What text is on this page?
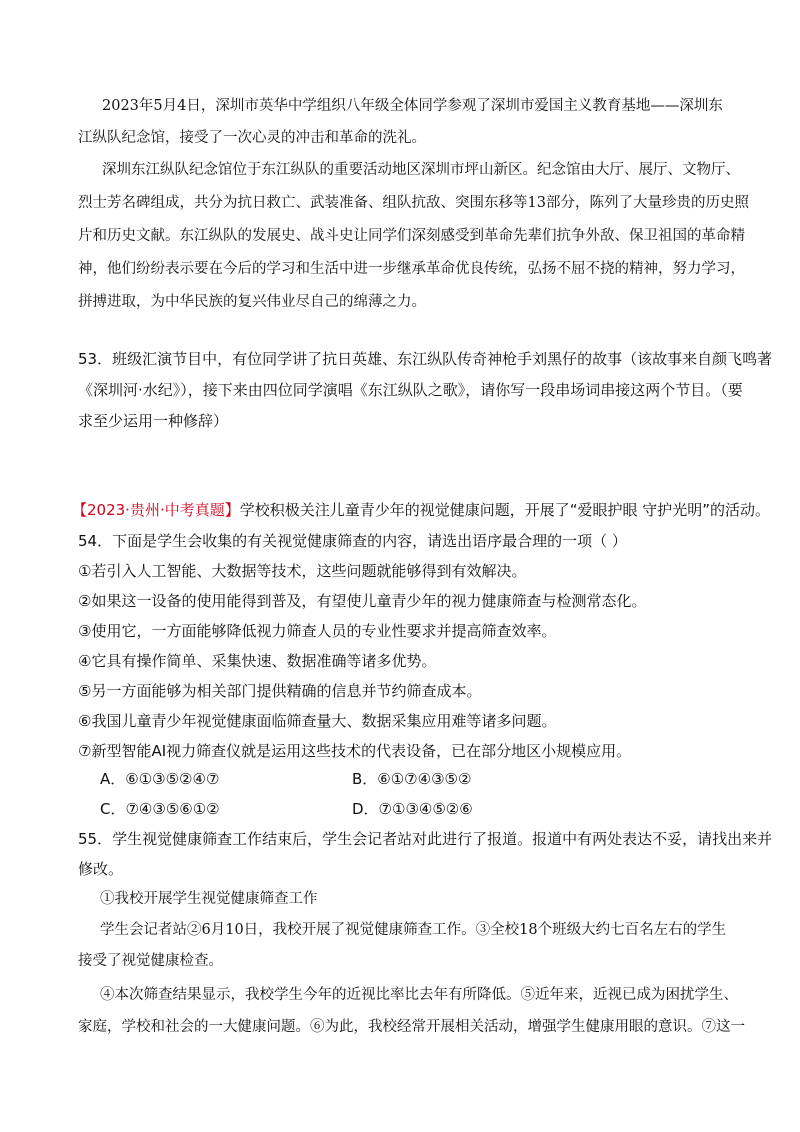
2023年5月4日，深圳市英华中学组织八年级全体同学参观了深圳市爱国主义教育基地——深圳东
江纵队纪念馆，接受了一次心灵的冲击和革命的洗礼。
深圳东江纵队纪念馆位于东江纵队的重要活动地区深圳市坪山新区。纪念馆由大厅、展厅、文物厅、
烈士芳名碑组成，共分为抗日救亡、武装准备、组队抗敌、突围东移等13部分，陈列了大量珍贵的历史照
片和历史文献。东江纵队的发展史、战斗史让同学们深刻感受到革命先辈们抗争外敌、保卫祖国的革命精
神，他们纷纷表示要在今后的学习和生活中进一步继承革命优良传统，弘扬不屈不挠的精神，努力学习，
拼搏进取，为中华民族的复兴伟业尽自己的绵薄之力。
53．班级汇演节目中，有位同学讲了抗日英雄、东江纵队传奇神枪手刘黑仔的故事（该故事来自颜飞鸣著
《深圳河·水纪》），接下来由四位同学演唱《东江纵队之歌》，请你写一段串场词串接这两个节目。（要
求至少运用一种修辞）
【2023·贵州·中考真题】学校积极关注儿童青少年的视觉健康问题，开展了“爱眼护眼 守护光明”的活动。
54．下面是学生会收集的有关视觉健康筛查的内容，请选出语序最合理的一项（ ）
①若引入人工智能、大数据等技术，这些问题就能够得到有效解决。
②如果这一设备的使用能得到普及，有望使儿童青少年的视力健康筛查与检测常态化。
③使用它，一方面能够降低视力筛查人员的专业性要求并提高筛查效率。
④它具有操作简单、采集快速、数据准确等诸多优势。
⑤另一方面能够为相关部门提供精确的信息并节约筛查成本。
⑥我国儿童青少年视觉健康面临筛查量大、数据采集应用难等诸多问题。
⑦新型智能AI视力筛查仪就是运用这些技术的代表设备，已在部分地区小规模应用。
A．⑥①③⑤②④⑦	B．⑥①⑦④③⑤②
C．⑦④③⑤⑥①②	D．⑦①③④⑤②⑥
55．学生视觉健康筛查工作结束后，学生会记者站对此进行了报道。报道中有两处表达不妥，请找出来并
修改。
①我校开展学生视觉健康筛查工作
学生会记者站②6月10日，我校开展了视觉健康筛查工作。③全校18个班级大约七百名左右的学生
接受了视觉健康检查。
④本次筛查结果显示，我校学生今年的近视比率比去年有所降低。⑤近年来，近视已成为困扰学生、
家庭，学校和社会的一大健康问题。⑥为此，我校经常开展相关活动，增强学生健康用眼的意识。⑦这一
